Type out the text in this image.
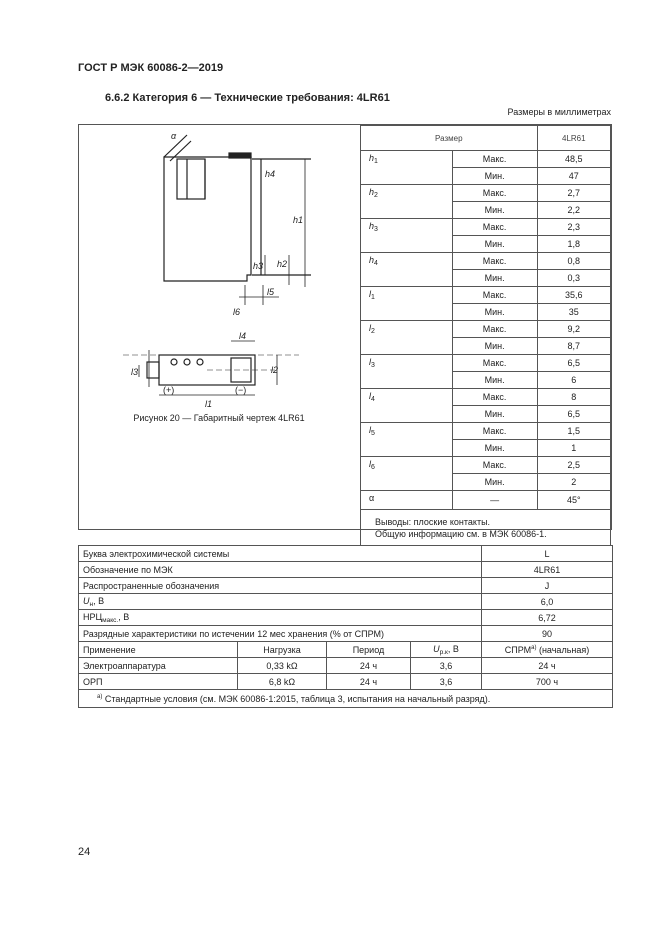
ГОСТ Р МЭК 60086-2—2019
6.6.2 Категория 6 — Технические требования: 4LR61
Размеры в миллиметрах
α
h4
h1
h3 h2
l5
l6
l4
l3	l2
l1
(+)	(−)
Рисунок 20 — Габаритный чертеж 4LR61
Размер		4LR61
$h_1$	Макс.	48,5
	Мин.	47
$h_2$	Макс.	2,7
	Мин.	2,2
$h_3$	Макс.	2,3
	Мин.	1,8
$h_4$	Макс.	0,8
	Мин.	0,3
$l_1$	Макс.	35,6
	Мин.	35
$l_2$	Макс.	9,2
	Мин.	8,7
$l_3$	Макс.	6,5
	Мин.	6
$l_4$	Макс.	8
	Мин.	6,5
$l_5$	Макс.	1,5
	Мин.	1
$l_6$	Макс.	2,5
	Мин.	2
α	—	45°

Выводы: плоские контакты.
Общую информацию см. в МЭК 60086-1.		
Буква электрохимической системы				L
Обозначение по МЭК				4LR61
Распространенные обозначения				J
$U_н$, В				6,0
$НРЦ_{макс.}$, В				6,72
Разрядные характеристики по истечении 12 мес хранения (% от СПРМ)				90
Применение	Нагрузка	Период	$U_{р.к}$, В	$СПРМ^{а)}$ (начальная)
Электроаппаратура	0,33 kΩ	24 ч	3,6	24 ч
ОРП	6,8 kΩ	24 ч	3,6	700 ч
$^{а)}$ Стандартные условия (см. МЭК 60086-1:2015, таблица 3, испытания на начальный разряд).				
24
